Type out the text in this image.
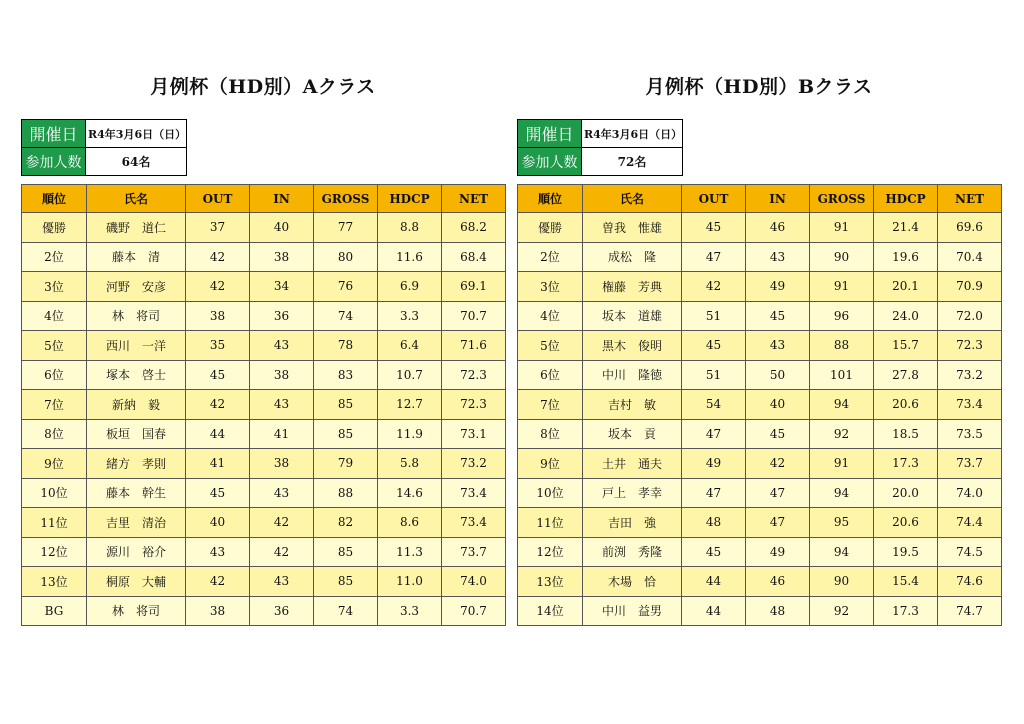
月例杯（HD別）Aクラス
開催日	R4年3月6日（日）
参加人数	64名
順位	氏名	OUT	IN	GROSS	HDCP	NET
優勝	磯野　道仁	37	40	77	8.8	68.2
2位	藤本　清	42	38	80	11.6	68.4
3位	河野　安彦	42	34	76	6.9	69.1
4位	林　将司	38	36	74	3.3	70.7
5位	西川　一洋	35	43	78	6.4	71.6
6位	塚本　啓士	45	38	83	10.7	72.3
7位	新納　毅	42	43	85	12.7	72.3
8位	板垣　国春	44	41	85	11.9	73.1
9位	緒方　孝則	41	38	79	5.8	73.2
10位	藤本　幹生	45	43	88	14.6	73.4
11位	吉里　清治	40	42	82	8.6	73.4
12位	源川　裕介	43	42	85	11.3	73.7
13位	桐原　大輔	42	43	85	11.0	74.0
BG	林　将司	38	36	74	3.3	70.7
月例杯（HD別）Bクラス
開催日	R4年3月6日（日）
参加人数	72名
順位	氏名	OUT	IN	GROSS	HDCP	NET
優勝	曽我　惟雄	45	46	91	21.4	69.6
2位	成松　隆	47	43	90	19.6	70.4
3位	権藤　芳典	42	49	91	20.1	70.9
4位	坂本　道雄	51	45	96	24.0	72.0
5位	黒木　俊明	45	43	88	15.7	72.3
6位	中川　隆徳	51	50	101	27.8	73.2
7位	吉村　敏	54	40	94	20.6	73.4
8位	坂本　貢	47	45	92	18.5	73.5
9位	土井　通夫	49	42	91	17.3	73.7
10位	戸上　孝幸	47	47	94	20.0	74.0
11位	吉田　強	48	47	95	20.6	74.4
12位	前渕　秀隆	45	49	94	19.5	74.5
13位	木場　恰	44	46	90	15.4	74.6
14位	中川　益男	44	48	92	17.3	74.7
